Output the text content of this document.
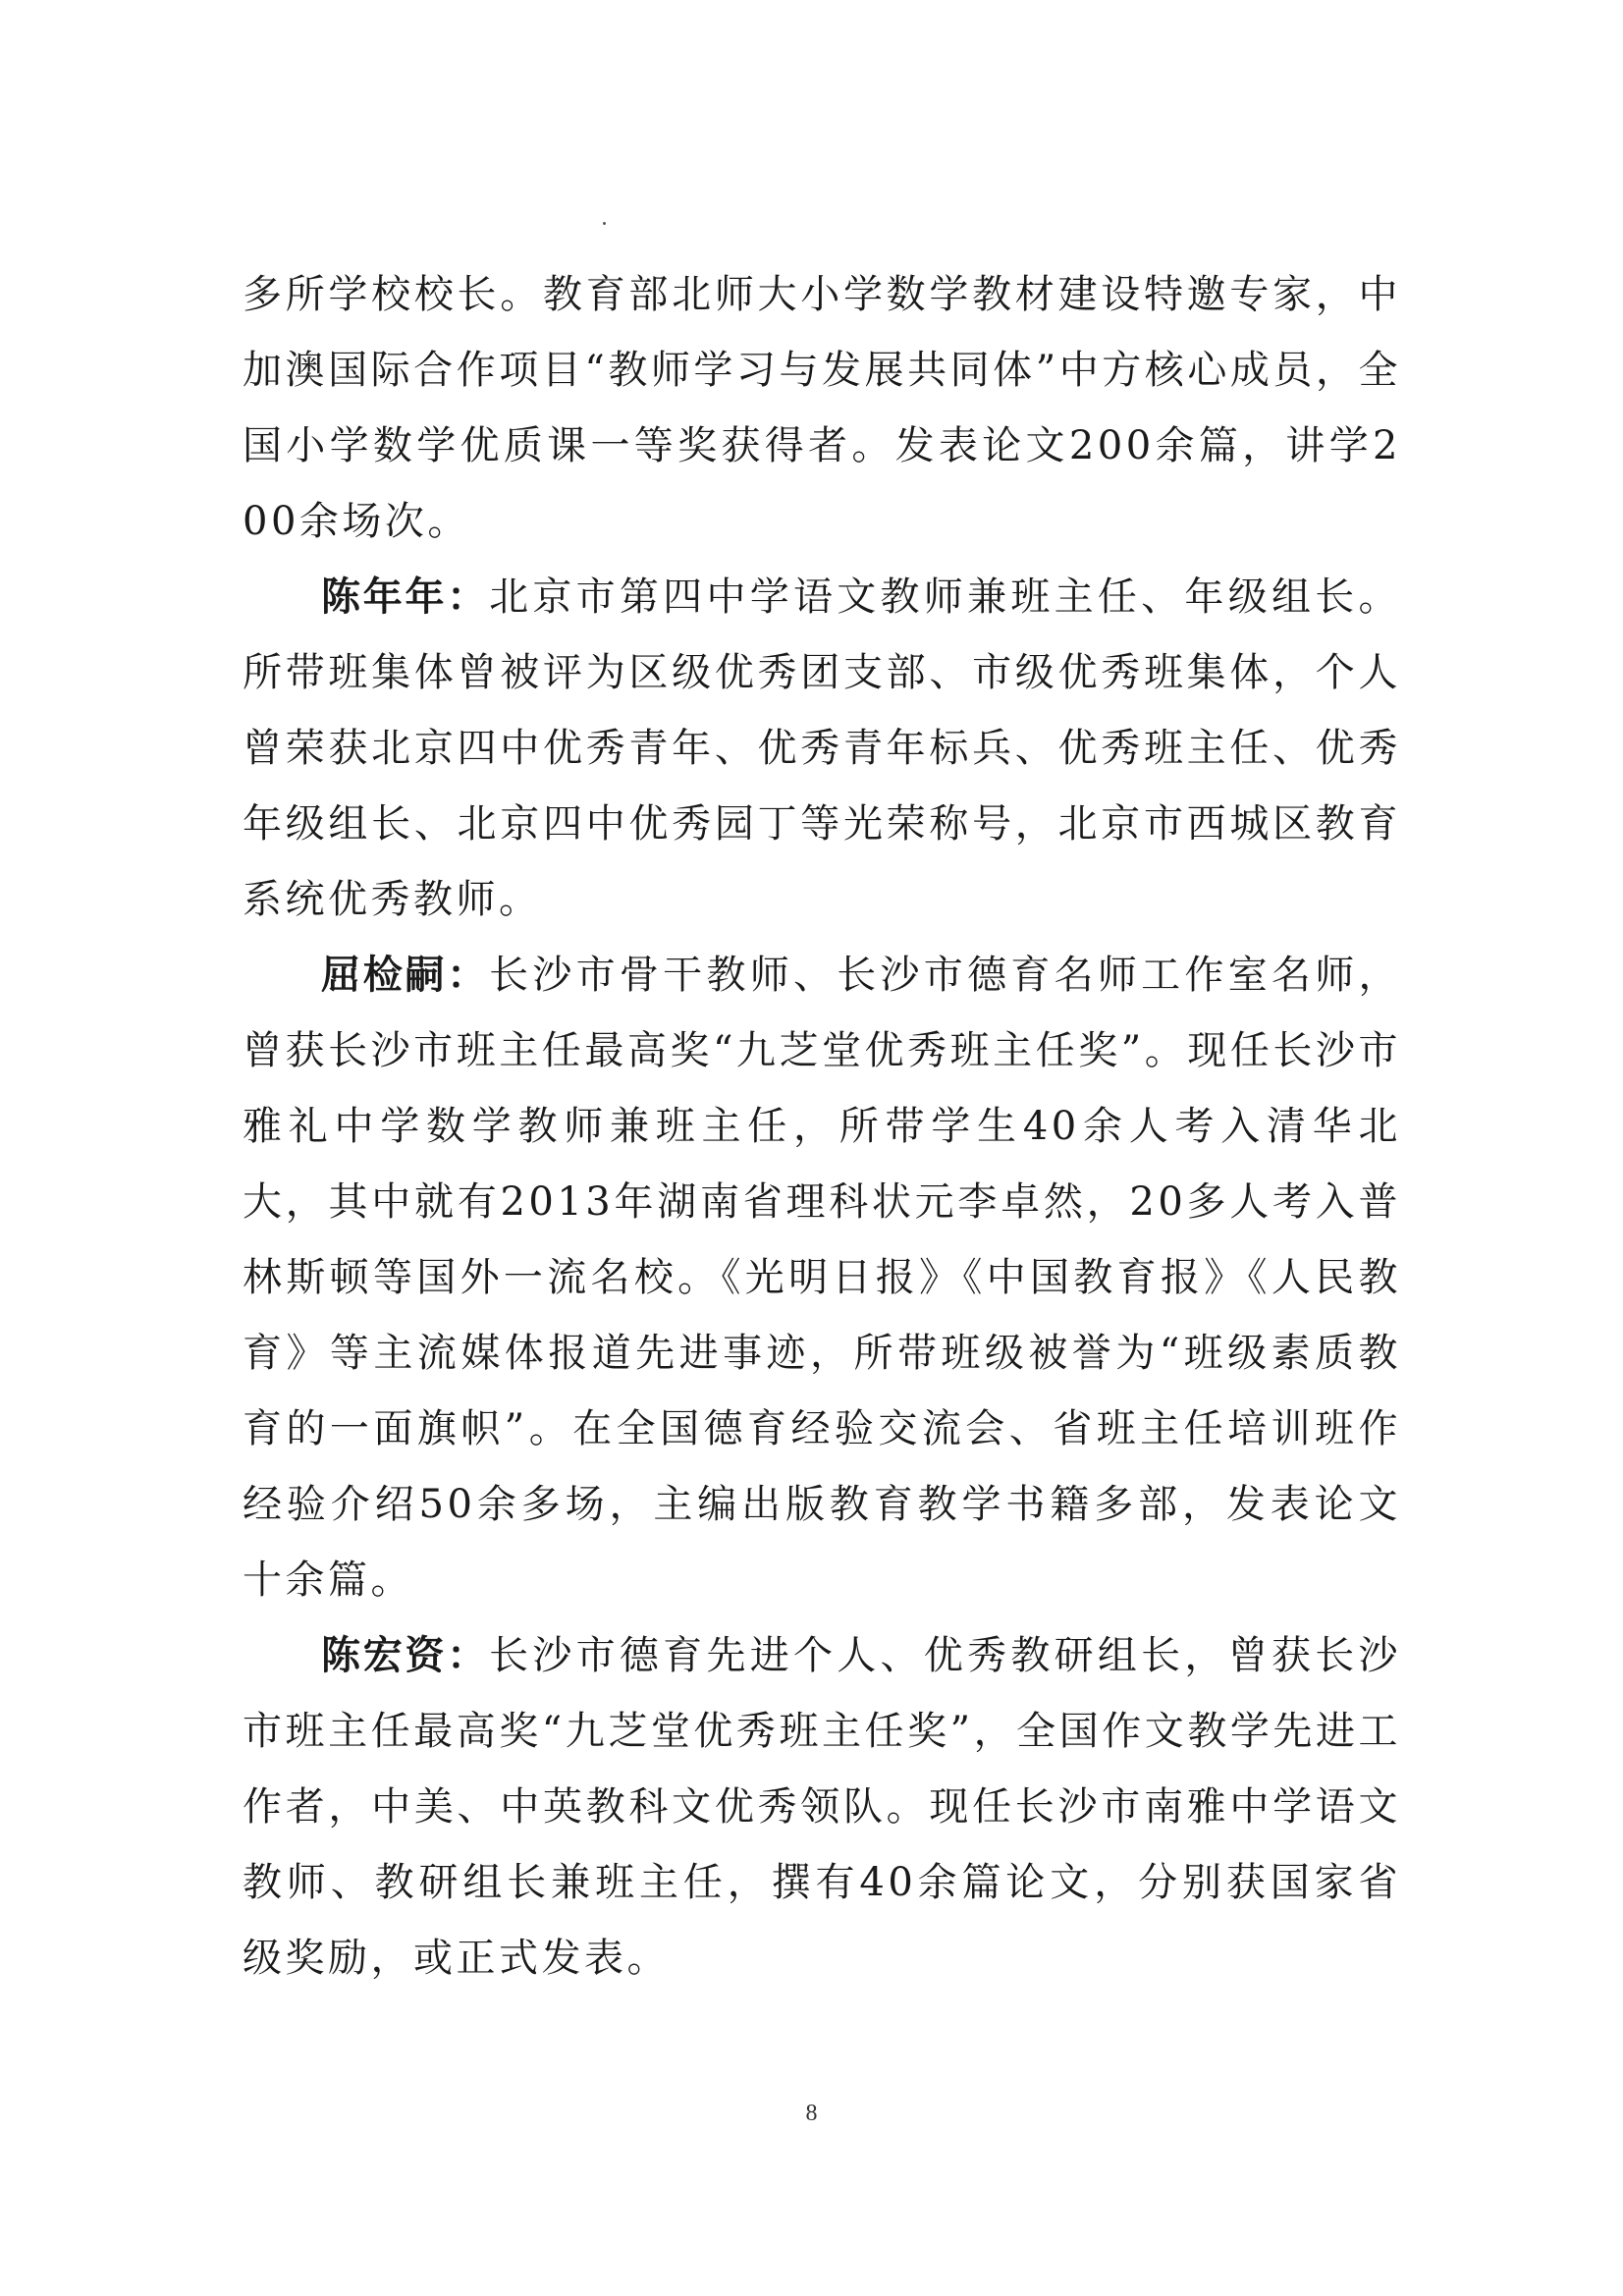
多所学校校长。教育部北师大小学数学教材建设特邀专家，中加澳国际合作项目“教师学习与发展共同体”中方核心成员，全国小学数学优质课一等奖获得者。发表论文200余篇，讲学200余场次。

陈年年：北京市第四中学语文教师兼班主任、年级组长。所带班集体曾被评为区级优秀团支部、市级优秀班集体，个人曾荣获北京四中优秀青年、优秀青年标兵、优秀班主任、优秀年级组长、北京四中优秀园丁等光荣称号，北京市西城区教育系统优秀教师。

屈检嗣：长沙市骨干教师、长沙市德育名师工作室名师，曾获长沙市班主任最高奖“九芝堂优秀班主任奖”。现任长沙市雅礼中学数学教师兼班主任，所带学生40余人考入清华北大，其中就有2013年湖南省理科状元李卓然，20多人考入普林斯顿等国外一流名校。《光明日报》《中国教育报》《人民教育》等主流媒体报道先进事迹，所带班级被誉为“班级素质教育的一面旗帜”。在全国德育经验交流会、省班主任培训班作经验介绍50余多场，主编出版教育教学书籍多部，发表论文十余篇。

陈宏资：长沙市德育先进个人、优秀教研组长，曾获长沙市班主任最高奖“九芝堂优秀班主任奖”，全国作文教学先进工作者，中美、中英教科文优秀领队。现任长沙市南雅中学语文教师、教研组长兼班主任，撰有40余篇论文，分别获国家省级奖励，或正式发表。

8
